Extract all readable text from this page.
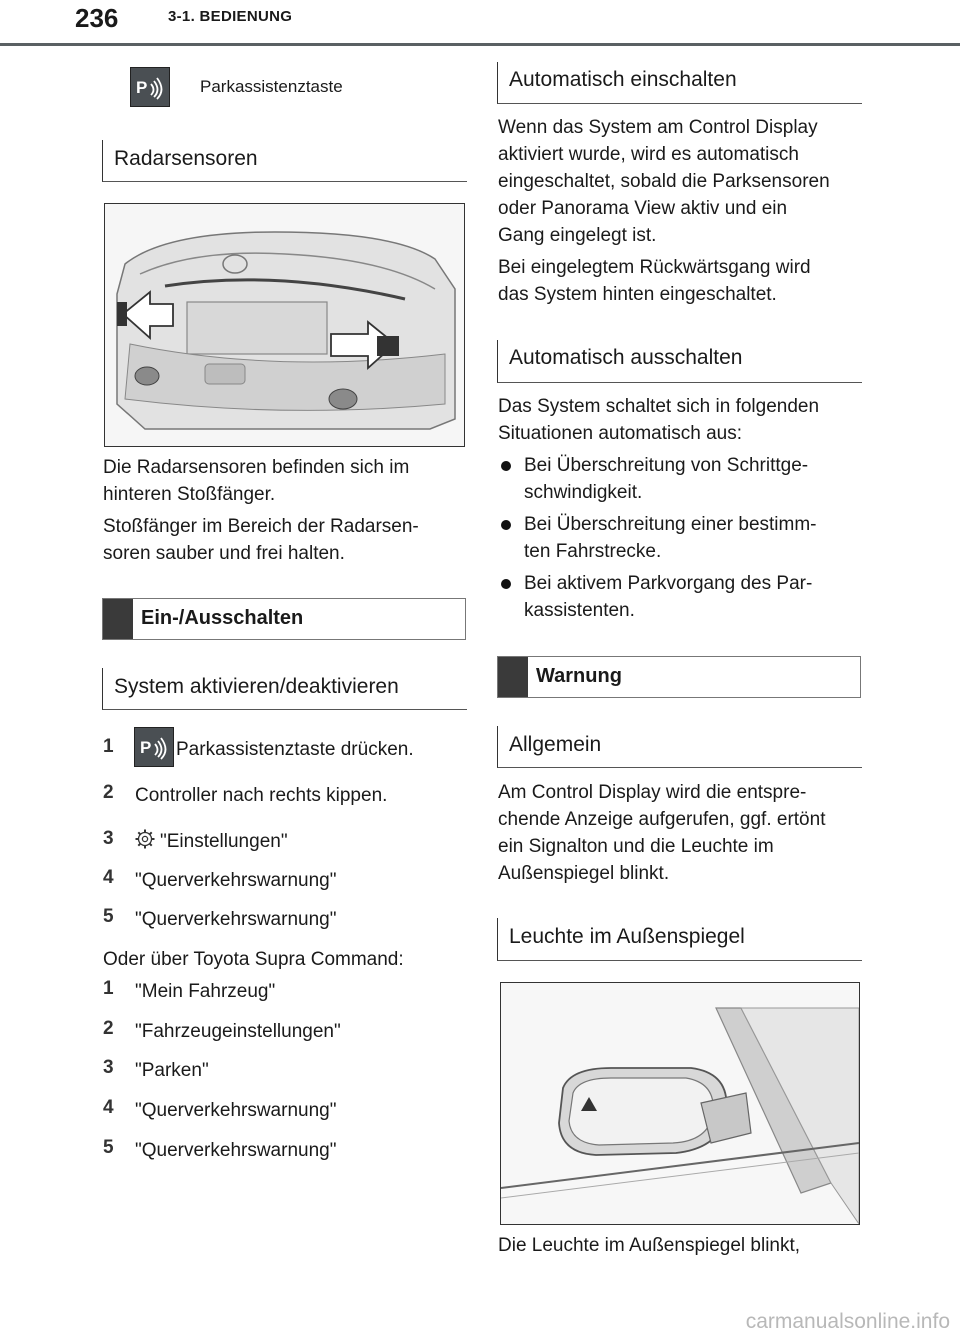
236	3-1. BEDIENUNG
P	Parkassistenztaste
Radarsensoren
Die Radarsensoren befinden sich im
hinteren Stoßfänger.
Stoßfänger im Bereich der Radarsen-
soren sauber und frei halten.
Ein-/Ausschalten
System aktivieren/deaktivieren
1 P Parkassistenztaste drücken.
2 Controller nach rechts kippen.
3 "Einstellungen"
4 "Querverkehrswarnung"
5 "Querverkehrswarnung"
Oder über Toyota Supra Command:
1 "Mein Fahrzeug"
2 "Fahrzeugeinstellungen"
3 "Parken"
4 "Querverkehrswarnung"
5 "Querverkehrswarnung"
Automatisch einschalten
Wenn das System am Control Display
aktiviert wurde, wird es automatisch
eingeschaltet, sobald die Parksensoren
oder Panorama View aktiv und ein
Gang eingelegt ist.
Bei eingelegtem Rückwärtsgang wird
das System hinten eingeschaltet.
Automatisch ausschalten
Das System schaltet sich in folgenden
Situationen automatisch aus:
Bei Überschreitung von Schrittge-
schwindigkeit.
Bei Überschreitung einer bestimm-
ten Fahrstrecke.
Bei aktivem Parkvorgang des Par-
kassistenten.
Warnung
Allgemein
Am Control Display wird die entspre-
chende Anzeige aufgerufen, ggf. ertönt
ein Signalton und die Leuchte im
Außenspiegel blinkt.
Leuchte im Außenspiegel
Die Leuchte im Außenspiegel blinkt,
carmanualsonline.info
